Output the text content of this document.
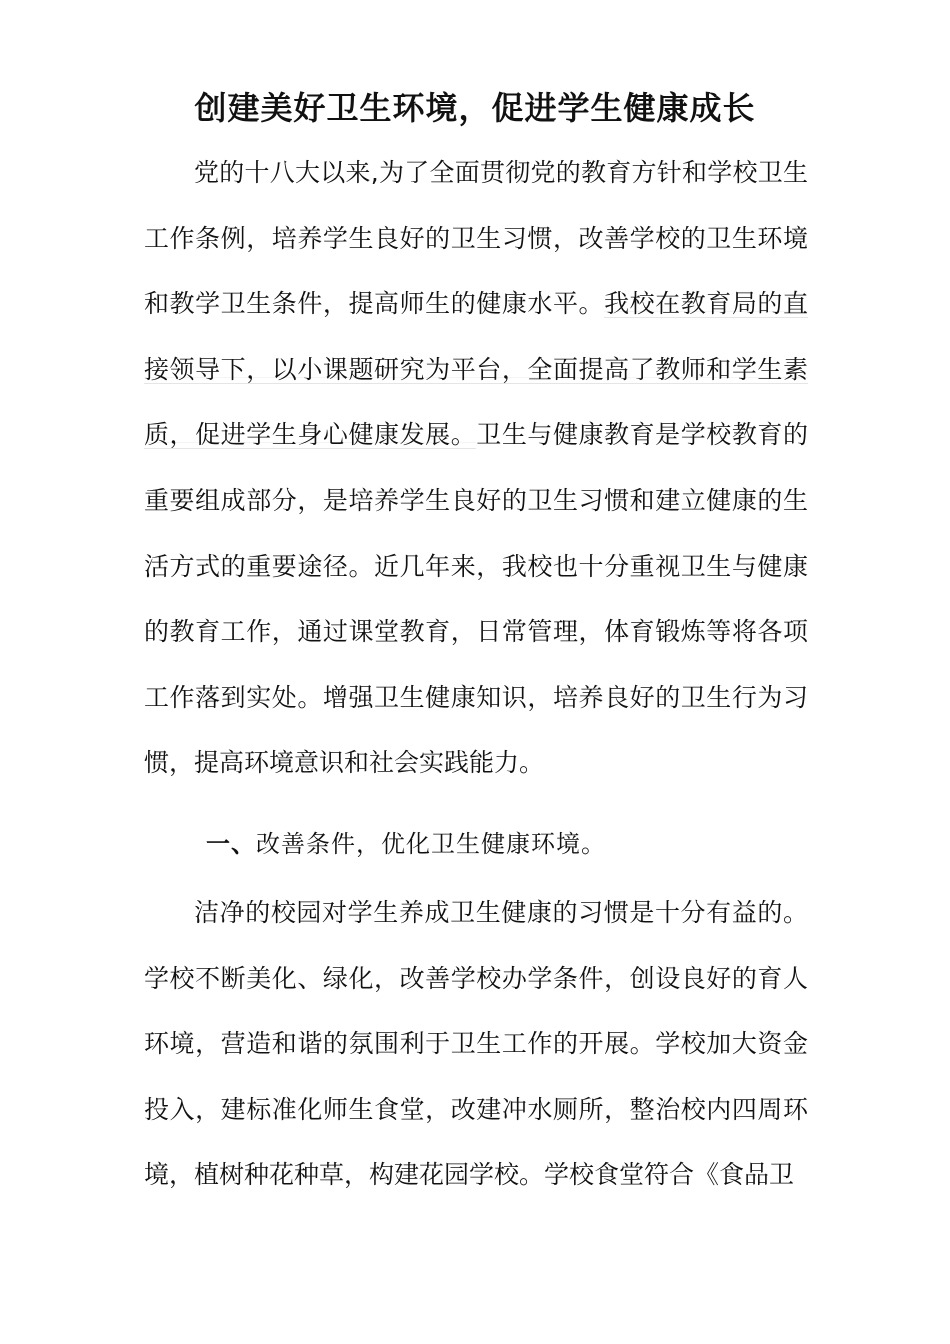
创建美好卫生环境，促进学生健康成长

党的十八大以来,为了全面贯彻党的教育方针和学校卫生工作条例，培养学生良好的卫生习惯，改善学校的卫生环境和教学卫生条件，提高师生的健康水平。我校在教育局的直接领导下，以小课题研究为平台，全面提高了教师和学生素质，促进学生身心健康发展。卫生与健康教育是学校教育的重要组成部分，是培养学生良好的卫生习惯和建立健康的生活方式的重要途径。近几年来，我校也十分重视卫生与健康的教育工作，通过课堂教育，日常管理，体育锻炼等将各项工作落到实处。增强卫生健康知识，培养良好的卫生行为习惯，提高环境意识和社会实践能力。

一、改善条件，优化卫生健康环境。

洁净的校园对学生养成卫生健康的习惯是十分有益的。学校不断美化、绿化，改善学校办学条件，创设良好的育人环境，营造和谐的氛围利于卫生工作的开展。学校加大资金投入，建标准化师生食堂，改建冲水厕所，整治校内四周环境，植树种花种草，构建花园学校。学校食堂符合《食品卫
